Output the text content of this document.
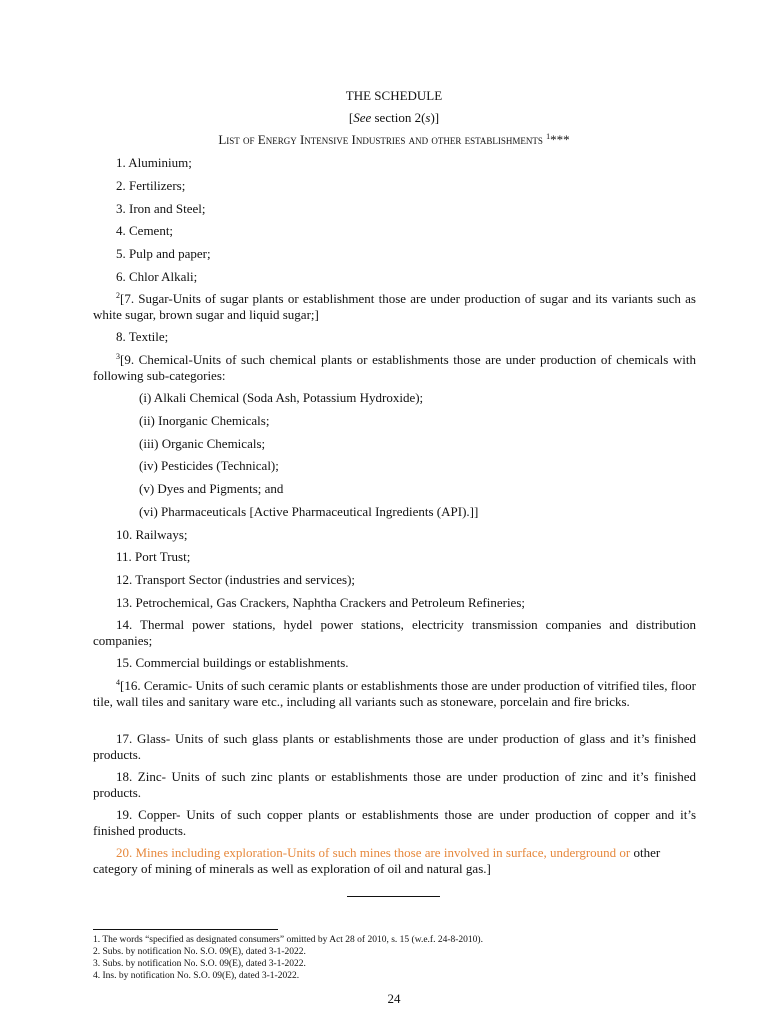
THE SCHEDULE
[See section 2(s)]
List of Energy Intensive Industries and other establishments $^1$***

1. Aluminium;

2. Fertilizers;

3. Iron and Steel;

4. Cement;

5. Pulp and paper;

6. Chlor Alkali;

$^2$[7. Sugar-Units of sugar plants or establishment those are under production of sugar and its variants such as white sugar, brown sugar and liquid sugar;]

8. Textile;

$^3$[9. Chemical-Units of such chemical plants or establishments those are under production of chemicals with following sub-categories:

(i) Alkali Chemical (Soda Ash, Potassium Hydroxide);

(ii) Inorganic Chemicals;

(iii) Organic Chemicals;

(iv) Pesticides (Technical);

(v) Dyes and Pigments; and

(vi) Pharmaceuticals [Active Pharmaceutical Ingredients (API).]]

10. Railways;

11. Port Trust;

12. Transport Sector (industries and services);

13. Petrochemical, Gas Crackers, Naphtha Crackers and Petroleum Refineries;

14. Thermal power stations, hydel power stations, electricity transmission companies and distribution companies;

15. Commercial buildings or establishments.

$^4$[16. Ceramic- Units of such ceramic plants or establishments those are under production of vitrified tiles, floor tile, wall tiles and sanitary ware etc., including all variants such as stoneware, porcelain and fire bricks.

17. Glass- Units of such glass plants or establishments those are under production of glass and it’s finished products.

18. Zinc- Units of such zinc plants or establishments those are under production of zinc and it’s finished products.

19. Copper- Units of such copper plants or establishments those are under production of copper and it’s finished products.

20. Mines including exploration-Units of such mines those are involved in surface, underground or other category of mining of minerals as well as exploration of oil and natural gas.]

1. The words “specified as designated consumers” omitted by Act 28 of 2010, s. 15 (w.e.f. 24-8-2010).
2. Subs. by notification No. S.O. 09(E), dated 3-1-2022.
3. Subs. by notification No. S.O. 09(E), dated 3-1-2022.
4. Ins. by notification No. S.O. 09(E), dated 3-1-2022.
24
